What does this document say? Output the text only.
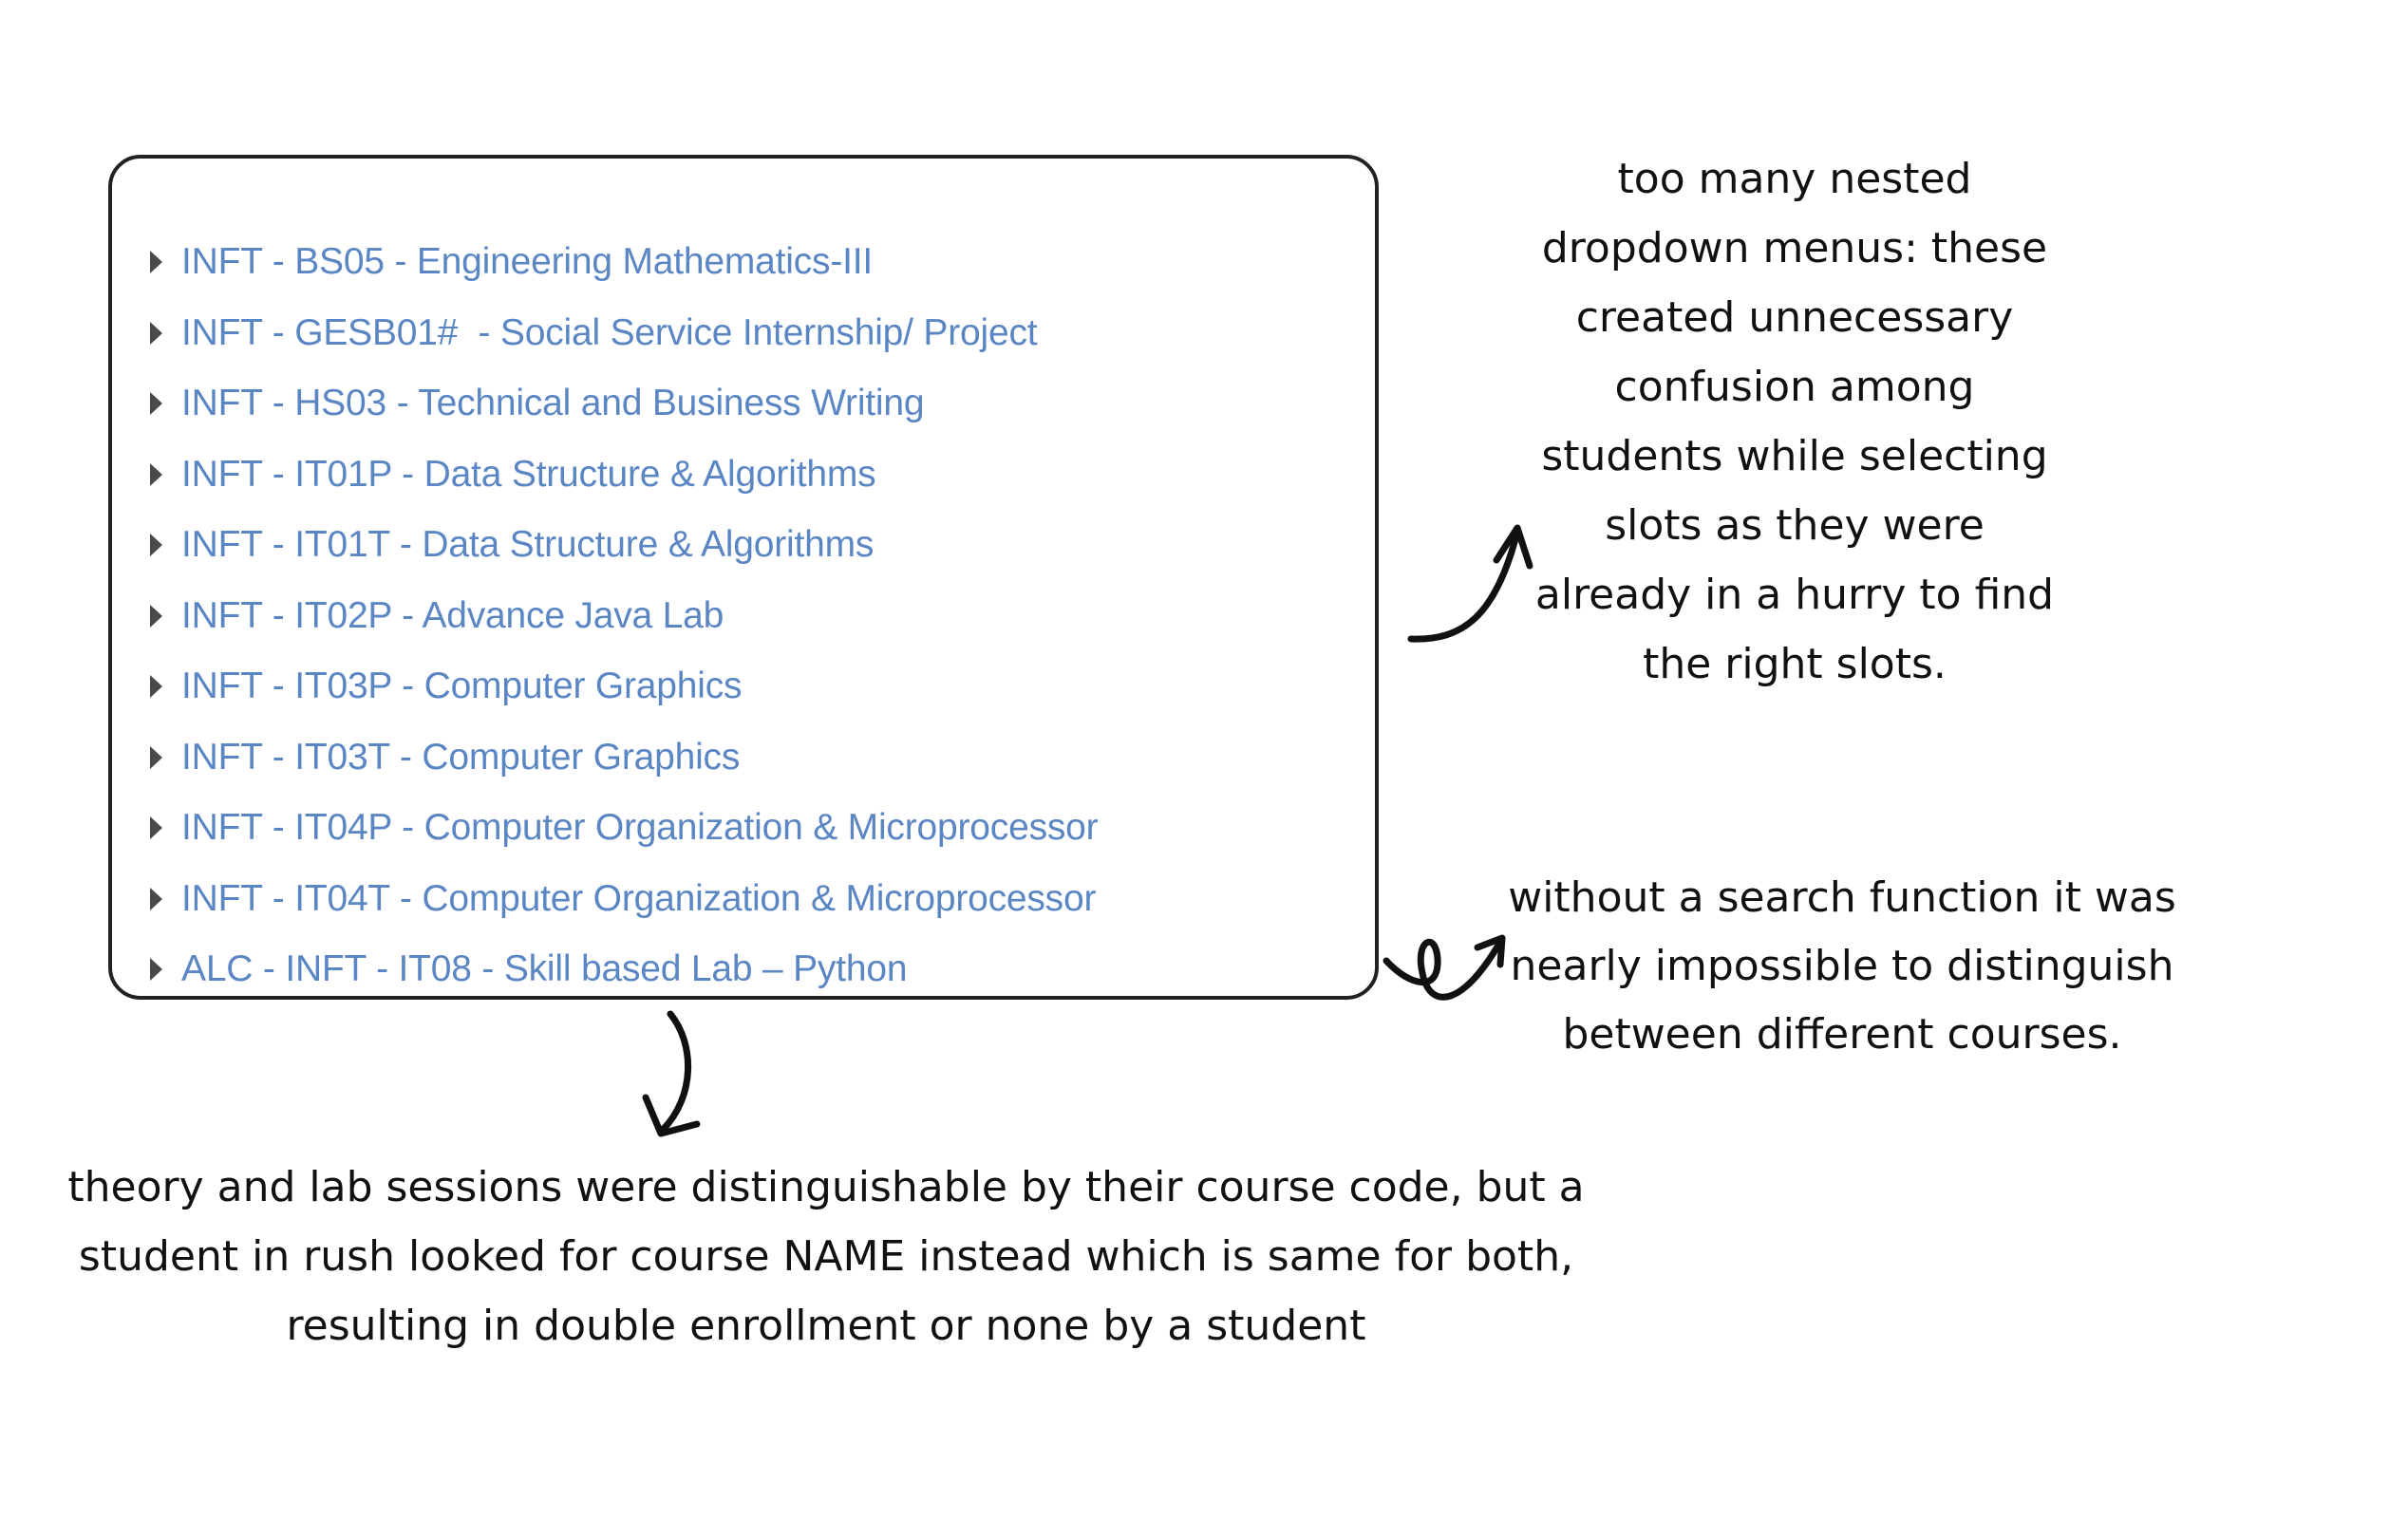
INFT - BS05 - Engineering Mathematics-III
INFT - GESB01#  - Social Service Internship/ Project
INFT - HS03 - Technical and Business Writing
INFT - IT01P - Data Structure & Algorithms
INFT - IT01T - Data Structure & Algorithms
INFT - IT02P - Advance Java Lab
INFT - IT03P - Computer Graphics
INFT - IT03T - Computer Graphics
INFT - IT04P - Computer Organization & Microprocessor
INFT - IT04T - Computer Organization & Microprocessor
ALC - INFT - IT08 - Skill based Lab – Python
too many nested
dropdown menus: these
created unnecessary
confusion among
students while selecting
slots as they were
already in a hurry to find
the right slots.
without a search function it was
nearly impossible to distinguish
between different courses.
theory and lab sessions were distinguishable by their course code, but a
student in rush looked for course NAME instead which is same for both,
resulting in double enrollment or none by a student
